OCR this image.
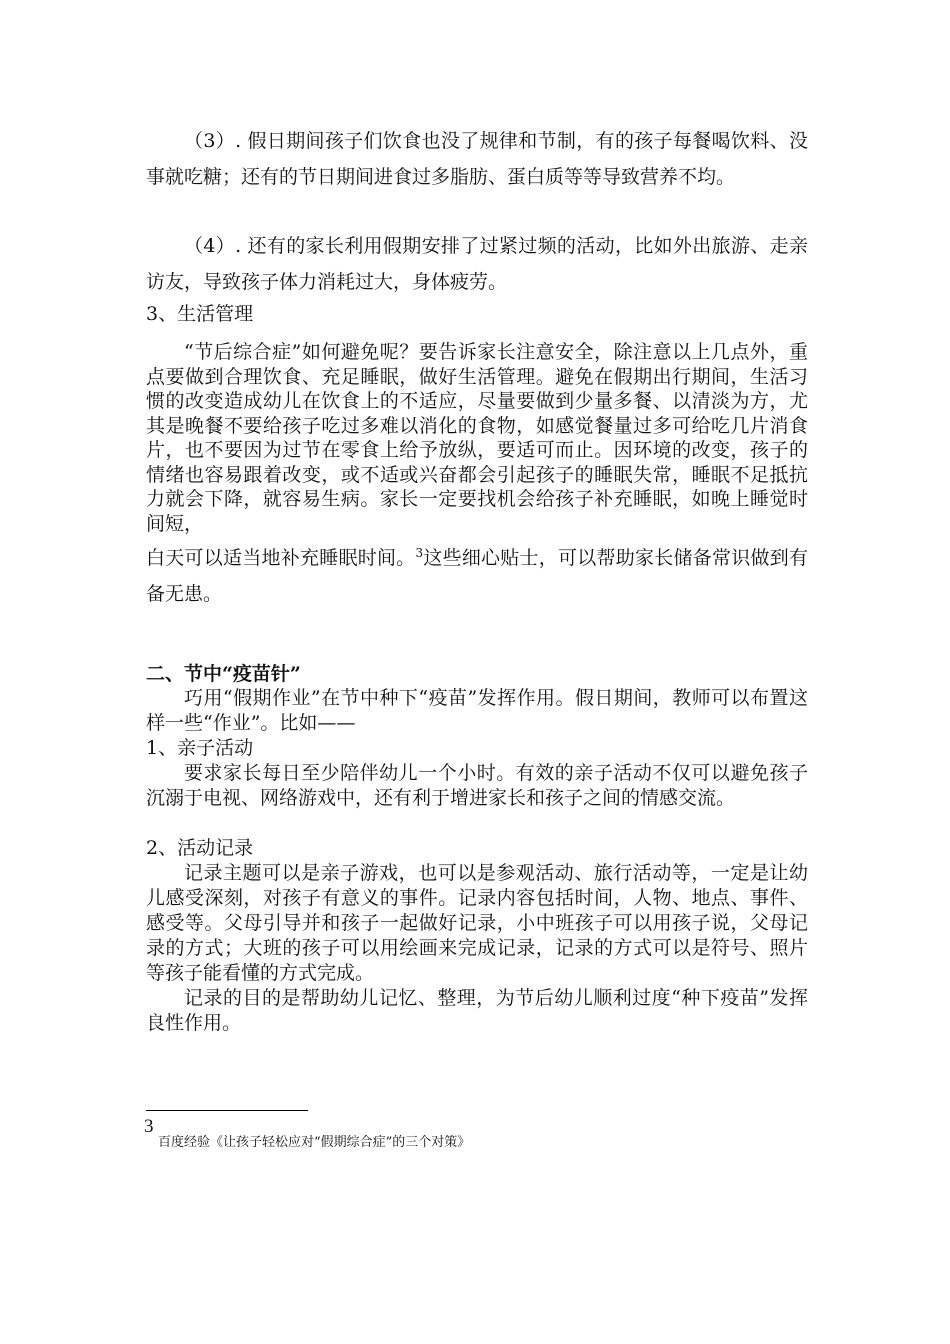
（3）. 假日期间孩子们饮食也没了规律和节制，有的孩子每餐喝饮料、没事就吃糖；还有的节日期间进食过多脂肪、蛋白质等等导致营养不均。

（4）. 还有的家长利用假期安排了过紧过频的活动，比如外出旅游、走亲访友，导致孩子体力消耗过大，身体疲劳。

3、生活管理

“节后综合症”如何避免呢？要告诉家长注意安全，除注意以上几点外，重点要做到合理饮食、充足睡眠，做好生活管理。避免在假期出行期间，生活习惯的改变造成幼儿在饮食上的不适应，尽量要做到少量多餐、以清淡为方，尤其是晚餐不要给孩子吃过多难以消化的食物，如感觉餐量过多可给吃几片消食片，也不要因为过节在零食上给予放纵，要适可而止。因环境的改变，孩子的情绪也容易跟着改变，或不适或兴奋都会引起孩子的睡眠失常，睡眠不足抵抗力就会下降，就容易生病。家长一定要找机会给孩子补充睡眠，如晚上睡觉时间短，
白天可以适当地补充睡眠时间。$^3$这些细心贴士，可以帮助家长储备常识做到有备无患。

二、节中“疫苗针”

巧用“假期作业”在节中种下“疫苗”发挥作用。假日期间，教师可以布置这样一些“作业”。比如——

1、亲子活动

要求家长每日至少陪伴幼儿一个小时。有效的亲子活动不仅可以避免孩子沉溺于电视、网络游戏中，还有利于增进家长和孩子之间的情感交流。

2、活动记录

记录主题可以是亲子游戏，也可以是参观活动、旅行活动等，一定是让幼儿感受深刻，对孩子有意义的事件。记录内容包括时间，人物、地点、事件、感受等。父母引导并和孩子一起做好记录，小中班孩子可以用孩子说，父母记录的方式；大班的孩子可以用绘画来完成记录，记录的方式可以是符号、照片等孩子能看懂的方式完成。

记录的目的是帮助幼儿记忆、整理，为节后幼儿顺利过度“种下疫苗”发挥良性作用。

3
百度经验《让孩子轻松应对“假期综合症”的三个对策》
